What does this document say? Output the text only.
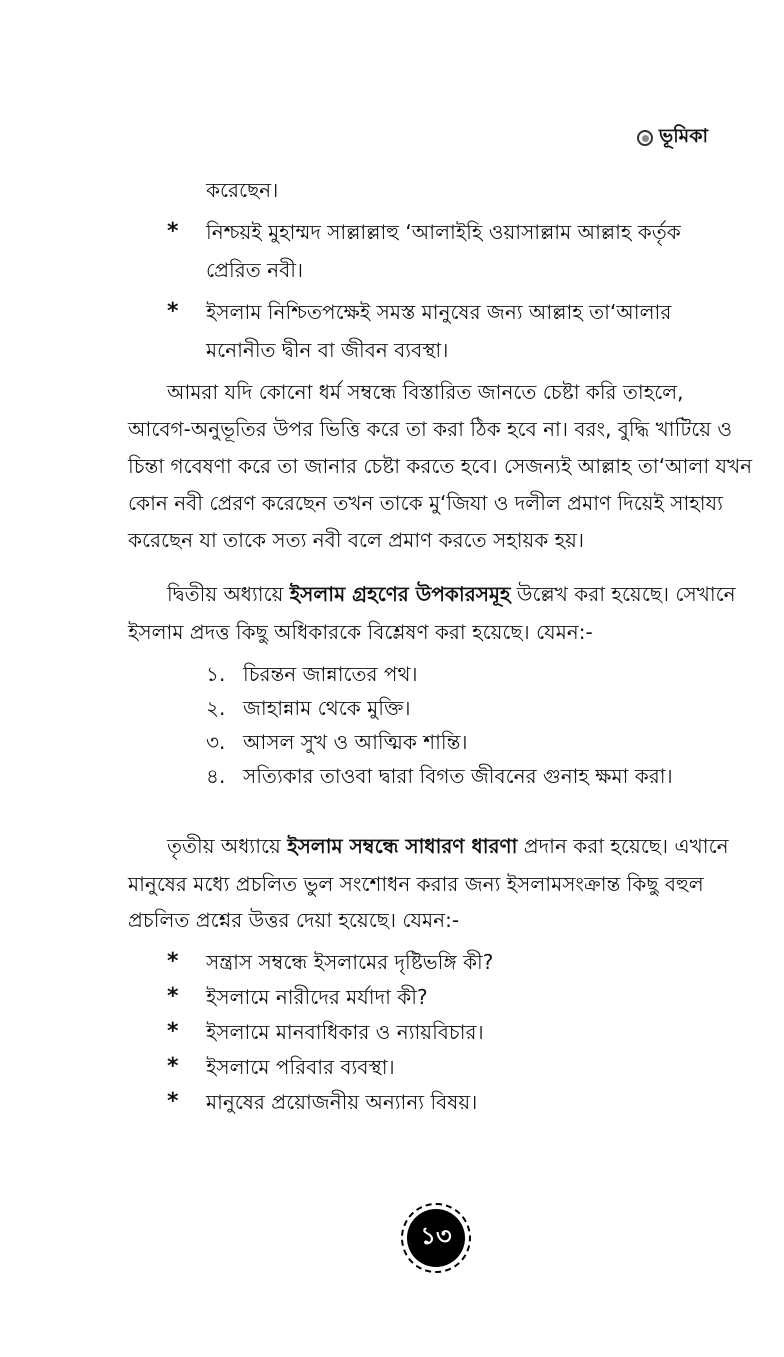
ভূমিকা
করেছেন।
* নিশ্চয়ই মুহাম্মদ সাল্লাল্লাহু ‘আলাইহি ওয়াসাল্লাম আল্লাহ কর্তৃক
প্রেরিত নবী।
* ইসলাম নিশ্চিতপক্ষেই সমস্ত মানুষের জন্য আল্লাহ তা‘আলার
মনোনীত দ্বীন বা জীবন ব্যবস্থা।
আমরা যদি কোনো ধর্ম সম্বন্ধে বিস্তারিত জানতে চেষ্টা করি তাহলে,
আবেগ-অনুভূতির উপর ভিত্তি করে তা করা ঠিক হবে না। বরং, বুদ্ধি খাটিয়ে ও
চিন্তা গবেষণা করে তা জানার চেষ্টা করতে হবে। সেজন্যই আল্লাহ তা‘আলা যখন
কোন নবী প্রেরণ করেছেন তখন তাকে মু‘জিযা ও দলীল প্রমাণ দিয়েই সাহায্য
করেছেন যা তাকে সত্য নবী বলে প্রমাণ করতে সহায়ক হয়।
দ্বিতীয় অধ্যায়ে ইসলাম গ্রহণের উপকারসমূহ উল্লেখ করা হয়েছে। সেখানে
ইসলাম প্রদত্ত কিছু অধিকারকে বিশ্লেষণ করা হয়েছে। যেমন:-
১. চিরন্তন জান্নাতের পথ।
২. জাহান্নাম থেকে মুক্তি।
৩. আসল সুখ ও আত্মিক শান্তি।
৪. সত্যিকার তাওবা দ্বারা বিগত জীবনের গুনাহ ক্ষমা করা।
তৃতীয় অধ্যায়ে ইসলাম সম্বন্ধে সাধারণ ধারণা প্রদান করা হয়েছে। এখানে
মানুষের মধ্যে প্রচলিত ভুল সংশোধন করার জন্য ইসলামসংক্রান্ত কিছু বহুল
প্রচলিত প্রশ্নের উত্তর দেয়া হয়েছে। যেমন:-
* সন্ত্রাস সম্বন্ধে ইসলামের দৃষ্টিভঙ্গি কী?
* ইসলামে নারীদের মর্যাদা কী?
* ইসলামে মানবাধিকার ও ন্যায়বিচার।
* ইসলামে পরিবার ব্যবস্থা।
* মানুষের প্রয়োজনীয় অন্যান্য বিষয়।
১৩
